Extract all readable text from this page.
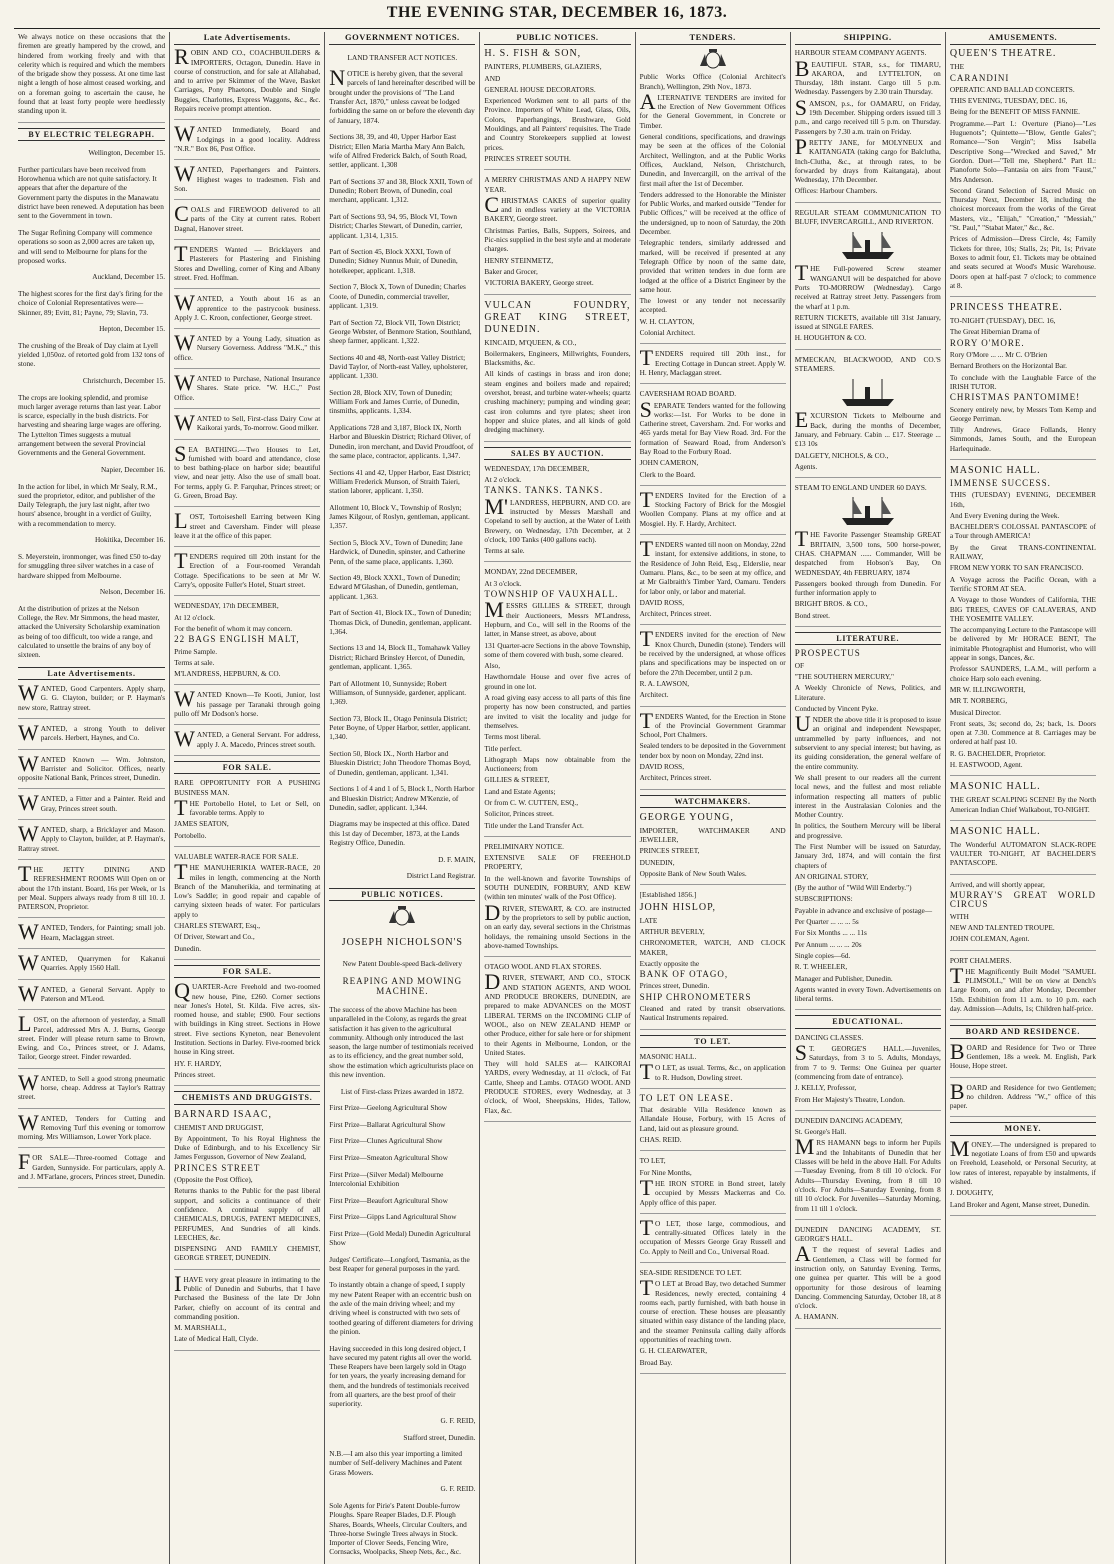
THE EVENING STAR, DECEMBER 16, 1873.

We always notice on these occasions that the firemen are greatly hampered by the crowd, and hindered from working freely and with that celerity which is required and which the members of the brigade show they possess. At one time last night a length of hose almost ceased working, and on a foreman going to ascertain the cause, he found that at least forty people were heedlessly standing upon it.

BY ELECTRIC TELEGRAPH.

Wellington, December 15.

Further particulars have been received from Horowhenua which are not quite satisfactory. It appears that after the departure of the Government party the disputes in the Manawatu district have been renewed. A deputation has been sent to the Government in town.

The Sugar Refining Company will commence operations so soon as 2,000 acres are taken up, and will send to Melbourne for plans for the proposed works.

Auckland, December 15.

The highest scores for the first day's firing for the choice of Colonial Representatives were—Skinner, 89; Evitt, 81; Payne, 79; Slavin, 73.

Hepton, December 15.

The crushing of the Break of Day claim at Lyell yielded 1,050oz. of retorted gold from 132 tons of stone.

Christchurch, December 15.

The crops are looking splendid, and promise much larger average returns than last year. Labor is scarce, especially in the bush districts. For harvesting and shearing large wages are offering. The Lyttelton Times suggests a mutual arrangement between the several Provincial Governments and the General Government.

Napier, December 16.

In the action for libel, in which Mr Sealy, R.M., sued the proprietor, editor, and publisher of the Daily Telegraph, the jury last night, after two hours' absence, brought in a verdict of Guilty, with a recommendation to mercy.

Hokitika, December 16.

S. Meyerstein, ironmonger, was fined £50 to-day for smuggling three silver watches in a case of hardware shipped from Melbourne.

Nelson, December 16.

At the distribution of prizes at the Nelson College, the Rev. Mr Simmons, the head master, attacked the University Scholarship examination as being of too difficult, too wide a range, and calculated to unsettle the brains of any boy of sixteen.

Late Advertisements.

WANTED, Good Carpenters. Apply sharp, G. G. Clayton, builder; or P. Hayman's new store, Rattray street.

WANTED, a strong Youth to deliver parcels. Herbert, Haynes, and Co.

WANTED Known — Wm. Johnston, Barrister and Solicitor. Offices, nearly opposite National Bank, Princes street, Dunedin.

WANTED, a Fitter and a Painter. Reid and Gray, Princes street south.

WANTED, sharp, a Bricklayer and Mason. Apply to Clayton, builder, at P. Hayman's, Rattray street.

THE JETTY DINING AND REFRESHMENT ROOMS Will Open on or about the 17th instant. Board, 16s per Week, or 1s per Meal. Suppers always ready from 8 till 10. J. PATERSON, Proprietor.

WANTED, Tenders, for Painting; small job. Hearn, Maclaggan street.

WANTED, Quarrymen for Kakanui Quarries. Apply 1560 Hall.

WANTED, a General Servant. Apply to Paterson and M'Leod.

LOST, on the afternoon of yesterday, a Small Parcel, addressed Mrs A. J. Burns, George street. Finder will please return same to Brown, Ewing, and Co., Princes street, or J. Adams, Tailor, George street. Finder rewarded.

WANTED, to Sell a good strong pneumatic horse, cheap. Address at Taylor's Rattray street.

WANTED, Tenders for Cutting and Removing Turf this evening or tomorrow morning. Mrs Williamson, Lower York place.

FOR SALE—Three-roomed Cottage and Garden, Sunnyside. For particulars, apply A. and J. M'Farlane, grocers, Princes street, Dunedin.

Late Advertisements.

ROBIN AND CO., COACHBUILDERS & IMPORTERS, Octagon, Dunedin. Have in course of construction, and for sale at Allahabad, and to arrive per Skimmer of the Wave, Basket Carriages, Pony Phaetons, Double and Single Buggies, Charlottes, Express Waggons, &c., &c. Repairs receive prompt attention.

WANTED Immediately, Board and Lodgings in a good locality. Address "N.R." Box 86, Post Office.

WANTED, Paperhangers and Painters. Highest wages to tradesmen. Fish and Son.

COALS and FIREWOOD delivered to all parts of the City at current rates. Robert Dagnal, Hanover street.

TENDERS Wanted — Bricklayers and Plasterers for Plastering and Finishing Stores and Dwelling, corner of King and Albany street. Fred. Hoffman.

WANTED, a Youth about 16 as an apprentice to the pastrycook business. Apply J. C. Kroon, confectioner, George street.

WANTED by a Young Lady, situation as Nursery Governess. Address "M.K.," this office.

WANTED to Purchase, National Insurance Shares. State price. "W. H.C.," Post Office.

WANTED to Sell, First-class Dairy Cow at Kaikorai yards, To-morrow. Good milker.

SEA BATHING.—Two Houses to Let, furnished with board and attendance, close to best bathing-place on harbor side; beautiful view, and near jetty. Also the use of small boat. For terms, apply G. P. Farquhar, Princes street; or G. Green, Broad Bay.

LOST, Tortoiseshell Earring between King street and Caversham. Finder will please leave it at the office of this paper.

TENDERS required till 20th instant for the Erection of a Four-roomed Verandah Cottage. Specifications to be seen at Mr W. Carry's, opposite Fuller's Hotel, Stuart street.

WEDNESDAY, 17th DECEMBER,

At 12 o'clock.

For the benefit of whom it may concern.

22 BAGS ENGLISH MALT,

Prime Sample.

Terms at sale.

M'LANDRESS, HEPBURN, & CO.

WANTED Known—Te Kooti, Junior, lost his passage per Taranaki through going pullo off Mr Dodson's horse.

WANTED, a General Servant. For address, apply J. A. Macedo, Princes street south.

FOR SALE.

RARE OPPORTUNITY FOR A PUSHING BUSINESS MAN.

THE Portobello Hotel, to Let or Sell, on favorable terms. Apply to

JAMES SEATON,

Portobello.

VALUABLE WATER-RACE FOR SALE.

THE MANUHERIKIA WATER-RACE, 20 miles in length, commencing at the North Branch of the Manuherikia, and terminating at Low's Saddle; in good repair and capable of carrying sixteen heads of water. For particulars apply to

CHARLES STEWART, Esq.,

Of Driver, Stewart and Co.,

Dunedin.

FOR SALE.

QUARTER-Acre Freehold and two-roomed new house, Pine, £260. Corner sections near Jones's Hotel, St. Kilda. Five acres, six-roomed house, and stable; £900. Four sections with buildings in King street. Sections in Howe street. Five sections Kyneton, near Benevolent Institution. Sections in Darley. Five-roomed brick house in King street.

HY. F. HARDY,

Princes street.

CHEMISTS AND DRUGGISTS.

BARNARD ISAAC,

CHEMIST AND DRUGGIST,

By Appointment, To his Royal Highness the Duke of Edinburgh, and to his Excellency Sir James Fergusson, Governor of New Zealand,

PRINCES STREET

(Opposite the Post Office),

Returns thanks to the Public for the past liberal support, and solicits a continuance of their confidence. A continual supply of all CHEMICALS, DRUGS, PATENT MEDICINES, PERFUMES, And Sundries of all kinds. LEECHES, &c.

DISPENSING AND FAMILY CHEMIST, GEORGE STREET, DUNEDIN.

IHAVE very great pleasure in intimating to the Public of Dunedin and Suburbs, that I have Purchased the Business of the late Dr John Parker, chiefly on account of its central and commanding position.

M. MARSHALL,

Late of Medical Hall, Clyde.

GOVERNMENT NOTICES.

LAND TRANSFER ACT NOTICES.

NOTICE is hereby given, that the several parcels of land hereinafter described will be brought under the provisions of "The Land Transfer Act, 1870," unless caveat be lodged forbidding the same on or before the eleventh day of January, 1874.

Sections 38, 39, and 40, Upper Harbor East District; Ellen Maria Martha Mary Ann Balch, wife of Alfred Frederick Balch, of South Road, settler, applicant. 1,308

Part of Sections 37 and 38, Block XXII, Town of Dunedin; Robert Brown, of Dunedin, coal merchant, applicant. 1,312.

Part of Sections 93, 94, 95, Block VI, Town District; Charles Stewart, of Dunedin, carrier, applicant. 1,314, 1,315.

Part of Section 45, Block XXXI, Town of Dunedin; Sidney Nunnus Muir, of Dunedin, hotelkeeper, applicant. 1,318.

Section 7, Block X, Town of Dunedin; Charles Coote, of Dunedin, commercial traveller, applicant. 1,319.

Part of Section 72, Block VII, Town District; George Webster, of Benmore Station, Southland, sheep farmer, applicant. 1,322.

Sections 40 and 48, North-east Valley District; David Taylor, of North-east Valley, upholsterer, applicant. 1,330.

Section 28, Block XIV, Town of Dunedin; William Fork and James Currie, of Dunedin, tinsmiths, applicants. 1,334.

Applications 728 and 3,187, Block IX, North Harbor and Blueskin District; Richard Oliver, of Dunedin, iron merchant, and David Proudfoot, of the same place, contractor, applicants. 1,347.

Sections 41 and 42, Upper Harbor, East District; William Frederick Munson, of Straith Taieri, station laborer, applicant. 1,350.

Allotment 10, Block V., Township of Roslyn; James Kilgour, of Roslyn, gentleman, applicant. 1,357.

Section 5, Block XV., Town of Dunedin; Jane Hardwick, of Dunedin, spinster, and Catherine Penn, of the same place, applicants. 1,360.

Section 49, Block XXXI., Town of Dunedin; Edward M'Glashan, of Dunedin, gentleman, applicant. 1,363.

Part of Section 41, Block IX., Town of Dunedin; Thomas Dick, of Dunedin, gentleman, applicant. 1,364.

Sections 13 and 14, Block II., Tomahawk Valley District; Richard Brinsley Hercot, of Dunedin, gentleman, applicant. 1,365.

Part of Allotment 10, Sunnyside; Robert Williamson, of Sunnyside, gardener, applicant. 1,369.

Section 73, Block II., Otago Peninsula District; Peter Boyne, of Upper Harbor, settler, applicant. 1,340.

Section 50, Block IX., North Harbor and Blueskin District; John Theodore Thomas Boyd, of Dunedin, gentleman, applicant. 1,341.

Sections 1 of 4 and 1 of 5, Block I., North Harbor and Blueskin District; Andrew M'Kenzie, of Dunedin, sadler, applicant. 1,344.

Diagrams may be inspected at this office. Dated this 1st day of December, 1873, at the Lands Registry Office, Dunedin.

D. F. MAIN,

District Land Registrar.

PUBLIC NOTICES.

JOSEPH NICHOLSON'S

New Patent Double-speed Back-delivery

REAPING AND MOWING MACHINE.

The success of the above Machine has been unparalleled in the Colony, as regards the great satisfaction it has given to the agricultural community. Although only introduced the last season, the large number of testimonials received as to its efficiency, and the great number sold, show the estimation which agriculturists place on this new invention.

List of First-class Prizes awarded in 1872.

First Prize—Geelong Agricultural Show

First Prize—Ballarat Agricultural Show

First Prize—Clunes Agricultural Show

First Prize—Smeaton Agricultural Show

First Prize—(Silver Medal) Melbourne Intercolonial Exhibition

First Prize—Beaufort Agricultural Show

First Prize—Gipps Land Agricultural Show

First Prize—(Gold Medal) Dunedin Agricultural Show

Judges' Certificate—Longford, Tasmania, as the best Reaper for general purposes in the yard.

To instantly obtain a change of speed, I supply my new Patent Reaper with an eccentric bush on the axle of the main driving wheel; and my driving wheel is constructed with two sets of toothed gearing of different diameters for driving the pinion.

Having succeeded in this long desired object, I have secured my patent rights all over the world. These Reapers have been largely sold in Otago for ten years, the yearly increasing demand for them, and the hundreds of testimonials received from all quarters, are the best proof of their superiority.

G. F. REID,

Stafford street, Dunedin.

N.B.—I am also this year importing a limited number of Self-delivery Machines and Patent Grass Mowers.

G. F. REID.

Sole Agents for Pirie's Patent Double-furrow Ploughs. Spare Reaper Blades, D.F. Plough Shares, Boards, Wheels, Circular Coulters, and Three-horse Swingle Trees always in Stock. Importer of Clover Seeds, Fencing Wire, Cornsacks, Woolpacks, Sheep Nets, &c., &c.

PUBLIC NOTICES.

H. S. FISH & SON,

PAINTERS, PLUMBERS, GLAZIERS,

AND

GENERAL HOUSE DECORATORS.

Experienced Workmen sent to all parts of the Province. Importers of White Lead, Glass, Oils, Colors, Paperhangings, Brushware, Gold Mouldings, and all Painters' requisites. The Trade and Country Storekeepers supplied at lowest prices.

PRINCES STREET SOUTH.

A MERRY CHRISTMAS AND A HAPPY NEW YEAR.

CHRISTMAS CAKES of superior quality and in endless variety at the VICTORIA BAKERY, George street.

Christmas Parties, Balls, Suppers, Soirees, and Pic-nics supplied in the best style and at moderate charges.

HENRY STEINMETZ,

Baker and Grocer,

VICTORIA BAKERY, George street.

VULCAN FOUNDRY, GREAT KING STREET, DUNEDIN.

KINCAID, M'QUEEN, & CO.,

Boilermakers, Engineers, Millwrights, Founders, Blacksmiths, &c.

All kinds of castings in brass and iron done; steam engines and boilers made and repaired; overshot, breast, and turbine water-wheels; quartz crushing machinery; pumping and winding gear; cast iron columns and tyre plates; sheet iron hopper and sluice plates, and all kinds of gold dredging machinery.

SALES BY AUCTION.

WEDNESDAY, 17th DECEMBER,

At 2 o'clock.

TANKS. TANKS. TANKS.

M'LANDRESS, HEPBURN, AND CO. are instructed by Messrs Marshall and Copeland to sell by auction, at the Water of Leith Brewery, on Wednesday, 17th December, at 2 o'clock, 100 Tanks (400 gallons each).

Terms at sale.

MONDAY, 22nd DECEMBER,

At 3 o'clock.

TOWNSHIP OF VAUXHALL.

MESSRS GILLIES & STREET, through their Auctioneers, Messrs M'Landress, Hepburn, and Co., will sell in the Rooms of the latter, in Manse street, as above, about

131 Quarter-acre Sections in the above Township, some of them covered with bush, some cleared.

Also,

Hawthorndale House and over five acres of ground in one lot.

A road giving easy access to all parts of this fine property has now been constructed, and parties are invited to visit the locality and judge for themselves.

Terms most liberal.

Title perfect.

Lithograph Maps now obtainable from the Auctioneers; from

GILLIES & STREET,

Land and Estate Agents;

Or from C. W. CUTTEN, ESQ.,

Solicitor, Princes street.

Title under the Land Transfer Act.

PRELIMINARY NOTICE.

EXTENSIVE SALE OF FREEHOLD PROPERTY,

In the well-known and favorite Townships of SOUTH DUNEDIN, FORBURY, AND KEW (within ten minutes' walk of the Post Office).

DRIVER, STEWART, & CO. are instructed by the proprietors to sell by public auction, on an early day, several sections in the Christmas holidays, the remaining unsold Sections in the above-named Townships.

OTAGO WOOL AND FLAX STORES.

DRIVER, STEWART, AND CO., STOCK AND STATION AGENTS, AND WOOL AND PRODUCE BROKERS, DUNEDIN, are prepared to make ADVANCES on the MOST LIBERAL TERMS on the INCOMING CLIP of WOOL, also on NEW ZEALAND HEMP or other Produce, either for sale here or for shipment to their Agents in Melbourne, London, or the United States.

They will hold SALES at— KAIKORAI YARDS, every Wednesday, at 11 o'clock, of Fat Cattle, Sheep and Lambs. OTAGO WOOL AND PRODUCE STORES, every Wednesday, at 3 o'clock, of Wool, Sheepskins, Hides, Tallow, Flax, &c.

TENDERS.

Public Works Office (Colonial Architect's Branch), Wellington, 29th Nov., 1873.

ALTERNATIVE TENDERS are invited for the Erection of New Government Offices for the General Government, in Concrete or Timber.

General conditions, specifications, and drawings may be seen at the offices of the Colonial Architect, Wellington, and at the Public Works Offices, Auckland, Nelson, Christchurch, Dunedin, and Invercargill, on the arrival of the first mail after the 1st of December.

Tenders addressed to the Honorable the Minister for Public Works, and marked outside "Tender for Public Offices," will be received at the office of the undersigned, up to noon of Saturday, the 20th December.

Telegraphic tenders, similarly addressed and marked, will be received if presented at any Telegraph Office by noon of the same date, provided that written tenders in due form are lodged at the office of a District Engineer by the same hour.

The lowest or any tender not necessarily accepted.

W. H. CLAYTON,

Colonial Architect.

TENDERS required till 20th inst., for Erecting Cottage in Duncan street. Apply W. H. Henry, Maclaggan street.

CAVERSHAM ROAD BOARD.

SEPARATE Tenders wanted for the following works:—1st. For Works to be done in Catherine street, Caversham. 2nd. For works and 465 yards metal for Bay View Road. 3rd. For the formation of Seaward Road, from Anderson's Bay Road to the Forbury Road.

JOHN CAMERON,

Clerk to the Board.

TENDERS Invited for the Erection of a Stocking Factory of Brick for the Mosgiel Woollen Company. Plans at my office and at Mosgiel. Hy. F. Hardy, Architect.

TENDERS wanted till noon on Monday, 22nd instant, for extensive additions, in stone, to the Residence of John Reid, Esq., Elderslie, near Oamaru. Plans, &c., to be seen at my office, and at Mr Galbraith's Timber Yard, Oamaru. Tenders for labor only, or labor and material.

DAVID ROSS,

Architect, Princes street.

TENDERS invited for the erection of New Knox Church, Dunedin (stone). Tenders will be received by the undersigned, at whose offices plans and specifications may be inspected on or before the 27th December, until 2 p.m.

R. A. LAWSON,

Architect.

TENDERS Wanted, for the Erection in Stone of the Provincial Government Grammar School, Port Chalmers.

Sealed tenders to be deposited in the Government tender box by noon on Monday, 22nd inst.

DAVID ROSS,

Architect, Princes street.

WATCHMAKERS.

GEORGE YOUNG,

IMPORTER, WATCHMAKER AND JEWELLER,

PRINCES STREET,

DUNEDIN,

Opposite Bank of New South Wales.

[Established 1856.]

JOHN HISLOP,

LATE

ARTHUR BEVERLY,

CHRONOMETER, WATCH, AND CLOCK MAKER,

Exactly opposite the

BANK OF OTAGO,

Princes street, Dunedin.

SHIP CHRONOMETERS

Cleaned and rated by transit observations. Nautical Instruments repaired.

TO LET.

MASONIC HALL.

TO LET, as usual. Terms, &c., on application to R. Hudson, Dowling street.

TO LET ON LEASE.

That desirable Villa Residence known as Allandale House, Forbury, with 15 Acres of Land, laid out as pleasure ground.

CHAS. REID.

TO LET,

For Nine Months,

THE IRON STORE in Bond street, lately occupied by Messrs Mackerras and Co. Apply office of this paper.

TO LET, those large, commodious, and centrally-situated Offices lately in the occupation of Messrs George Gray Russell and Co. Apply to Neill and Co., Universal Road.

SEA-SIDE RESIDENCE TO LET.

TO LET at Broad Bay, two detached Summer Residences, newly erected, containing 4 rooms each, partly furnished, with bath house in course of erection. These houses are pleasantly situated within easy distance of the landing place, and the steamer Peninsula calling daily affords opportunities of reaching town.

G. H. CLEARWATER,

Broad Bay.

SHIPPING.

HARBOUR STEAM COMPANY AGENTS.

BEAUTIFUL STAR, s.s., for TIMARU, AKAROA, and LYTTELTON, on Thursday, 18th instant. Cargo till 5 p.m. Wednesday. Passengers by 2.30 train Thursday.

SAMSON, p.s., for OAMARU, on Friday, 19th December. Shipping orders issued till 3 p.m., and cargo received till 5 p.m. on Thursday. Passengers by 7.30 a.m. train on Friday.

PRETTY JANE, for MOLYNEUX and KAITANGATA (taking cargo for Balclutha, Inch-Clutha, &c., at through rates, to be forwarded by drays from Kaitangata), about Wednesday, 17th December.

Offices: Harbour Chambers.

REGULAR STEAM COMMUNICATION TO BLUFF, INVERCARGILL, AND RIVERTON.

THE Full-powered Screw steamer WANGANUI will be despatched for above Ports TO-MORROW (Wednesday). Cargo received at Rattray street Jetty. Passengers from the wharf at 1 p.m.

RETURN TICKETS, available till 31st January, issued at SINGLE FARES.

H. HOUGHTON & CO.

M'MECKAN, BLACKWOOD, AND CO.'S STEAMERS.

EXCURSION Tickets to Melbourne and Back, during the months of December, January, and February. Cabin ... £17. Steerage ... £13 10s

DALGETY, NICHOLS, & CO.,

Agents.

STEAM TO ENGLAND UNDER 60 DAYS.

THE Favorite Passenger Steamship GREAT BRITAIN, 3,500 tons, 500 horse-power, CHAS. CHAPMAN ...... Commander, Will be despatched from Hobson's Bay, On WEDNESDAY, 4th FEBRUARY, 1874

Passengers booked through from Dunedin. For further information apply to

BRIGHT BROS. & CO.,

Bond street.

LITERATURE.

PROSPECTUS

OF

"THE SOUTHERN MERCURY,"

A Weekly Chronicle of News, Politics, and Literature.

Conducted by Vincent Pyke.

UNDER the above title it is proposed to issue an original and independent Newspaper, untrammelled by party influences, and not subservient to any special interest; but having, as its guiding consideration, the general welfare of the entire community.

We shall present to our readers all the current local news, and the fullest and most reliable information respecting all matters of public interest in the Australasian Colonies and the Mother Country.

In politics, the Southern Mercury will be liberal and progressive.

The First Number will be issued on Saturday, January 3rd, 1874, and will contain the first chapters of

AN ORIGINAL STORY,

(By the author of "Wild Will Enderby.")

SUBSCRIPTIONS:

Payable in advance and exclusive of postage—

Per Quarter ... ... ... 5s

For Six Months ... ... 11s

Per Annum ... ... ... 20s

Single copies—6d.

R. T. WHEELER,

Manager and Publisher, Dunedin.

Agents wanted in every Town. Advertisements on liberal terms.

EDUCATIONAL.

DANCING CLASSES.

ST. GEORGE'S HALL.—Juveniles, Saturdays, from 3 to 5. Adults, Mondays, from 7 to 9. Terms: One Guinea per quarter (commencing from date of entrance).

J. KELLY, Professor,

From Her Majesty's Theatre, London.

DUNEDIN DANCING ACADEMY,

St. George's Hall.

MRS HAMANN begs to inform her Pupils and the Inhabitants of Dunedin that her Classes will be held in the above Hall. For Adults—Tuesday Evening, from 8 till 10 o'clock. For Adults—Thursday Evening, from 8 till 10 o'clock. For Adults—Saturday Evening, from 8 till 10 o'clock. For Juveniles—Saturday Morning, from 11 till 1 o'clock.

DUNEDIN DANCING ACADEMY, ST. GEORGE'S HALL.

AT the request of several Ladies and Gentlemen, a Class will be formed for instruction only, on Saturday Evening. Terms, one guinea per quarter. This will be a good opportunity for those desirous of learning Dancing. Commencing Saturday, October 18, at 8 o'clock.

A. HAMANN.

AMUSEMENTS.

QUEEN'S THEATRE.

THE

CARANDINI

OPERATIC AND BALLAD CONCERTS.

THIS EVENING, TUESDAY, DEC. 16,

Being for the BENEFIT OF MISS FANNIE.

Programme.—Part I.: Overture (Piano)—"Les Huguenots"; Quintette—"Blow, Gentle Gales"; Romance—"Son Vergin"; Miss Isabella Descriptive Song—"Wrecked and Saved," Mr Gordon. Duet—"Tell me, Shepherd." Part II.: Pianoforte Solo—Fantasia on airs from "Faust," Mrs Anderson.

Second Grand Selection of Sacred Music on Thursday Next, December 18, including the choicest morceaux from the works of the Great Masters, viz., "Elijah," "Creation," "Messiah," "St. Paul," "Stabat Mater," &c., &c.

Prices of Admission—Dress Circle, 4s; Family Tickets for three, 10s; Stalls, 2s; Pit, 1s; Private Boxes to admit four, £1. Tickets may be obtained and seats secured at Wood's Music Warehouse. Doors open at half-past 7 o'clock; to commence at 8.

PRINCESS THEATRE.

TO-NIGHT (TUESDAY), DEC. 16,

The Great Hibernian Drama of

RORY O'MORE.

Rory O'More ... ... Mr C. O'Brien

Bernard Brothers on the Horizontal Bar.

To conclude with the Laughable Farce of the IRISH TUTOR.

CHRISTMAS PANTOMIME!

Scenery entirely new, by Messrs Tom Kemp and George Perriman.

Tilly Andrews, Grace Follands, Henry Simmonds, James South, and the European Harlequinade.

MASONIC HALL.

IMMENSE SUCCESS.

THIS (TUESDAY) EVENING, DECEMBER 16th,

And Every Evening during the Week.

BACHELDER'S COLOSSAL PANTASCOPE of a Tour through AMERICA!

By the Great TRANS-CONTINENTAL RAILWAY,

FROM NEW YORK TO SAN FRANCISCO.

A Voyage across the Pacific Ocean, with a Terrific STORM AT SEA.

A Voyage to those Wonders of California, THE BIG TREES, CAVES OF CALAVERAS, AND THE YOSEMITE VALLEY.

The accompanying Lecture to the Pantascope will be delivered by Mr HORACE BENT, The inimitable Photographist and Humorist, who will appear in songs, Dances, &c.

Professor SAUNDERS, L.A.M., will perform a choice Harp solo each evening.

MR W. ILLINGWORTH,

MR T. NORBERG,

Musical Director.

Front seats, 3s; second do, 2s; back, 1s. Doors open at 7.30. Commence at 8. Carriages may be ordered at half past 10.

R. G. BACHELDER, Proprietor.

H. EASTWOOD, Agent.

MASONIC HALL.

THE GREAT SCALPING SCENE! By the North American Indian Chief Walkabout, TO-NIGHT.

MASONIC HALL.

The Wonderful AUTOMATON SLACK-ROPE VAULTER TO-NIGHT, AT BACHELDER'S PANTASCOPE.

Arrived, and will shortly appear,

MURRAY'S GREAT WORLD CIRCUS

WITH

NEW AND TALENTED TROUPE.

JOHN COLEMAN, Agent.

PORT CHALMERS.

THE Magnificently Built Model "SAMUEL PLIMSOLL," Will be on view at Dench's Large Room, on and after Monday, December 15th. Exhibition from 11 a.m. to 10 p.m. each day. Admission—Adults, 1s; Children half-price.

BOARD AND RESIDENCE.

BOARD and Residence for Two or Three Gentlemen, 18s a week. M. English, Park House, Hope street.

BOARD and Residence for two Gentlemen; no children. Address "W.," office of this paper.

MONEY.

MONEY.—The undersigned is prepared to negotiate Loans of from £50 and upwards on Freehold, Leasehold, or Personal Security, at low rates of interest, repayable by instalments, if wished.

J. DOUGHTY,

Land Broker and Agent, Manse street, Dunedin.
